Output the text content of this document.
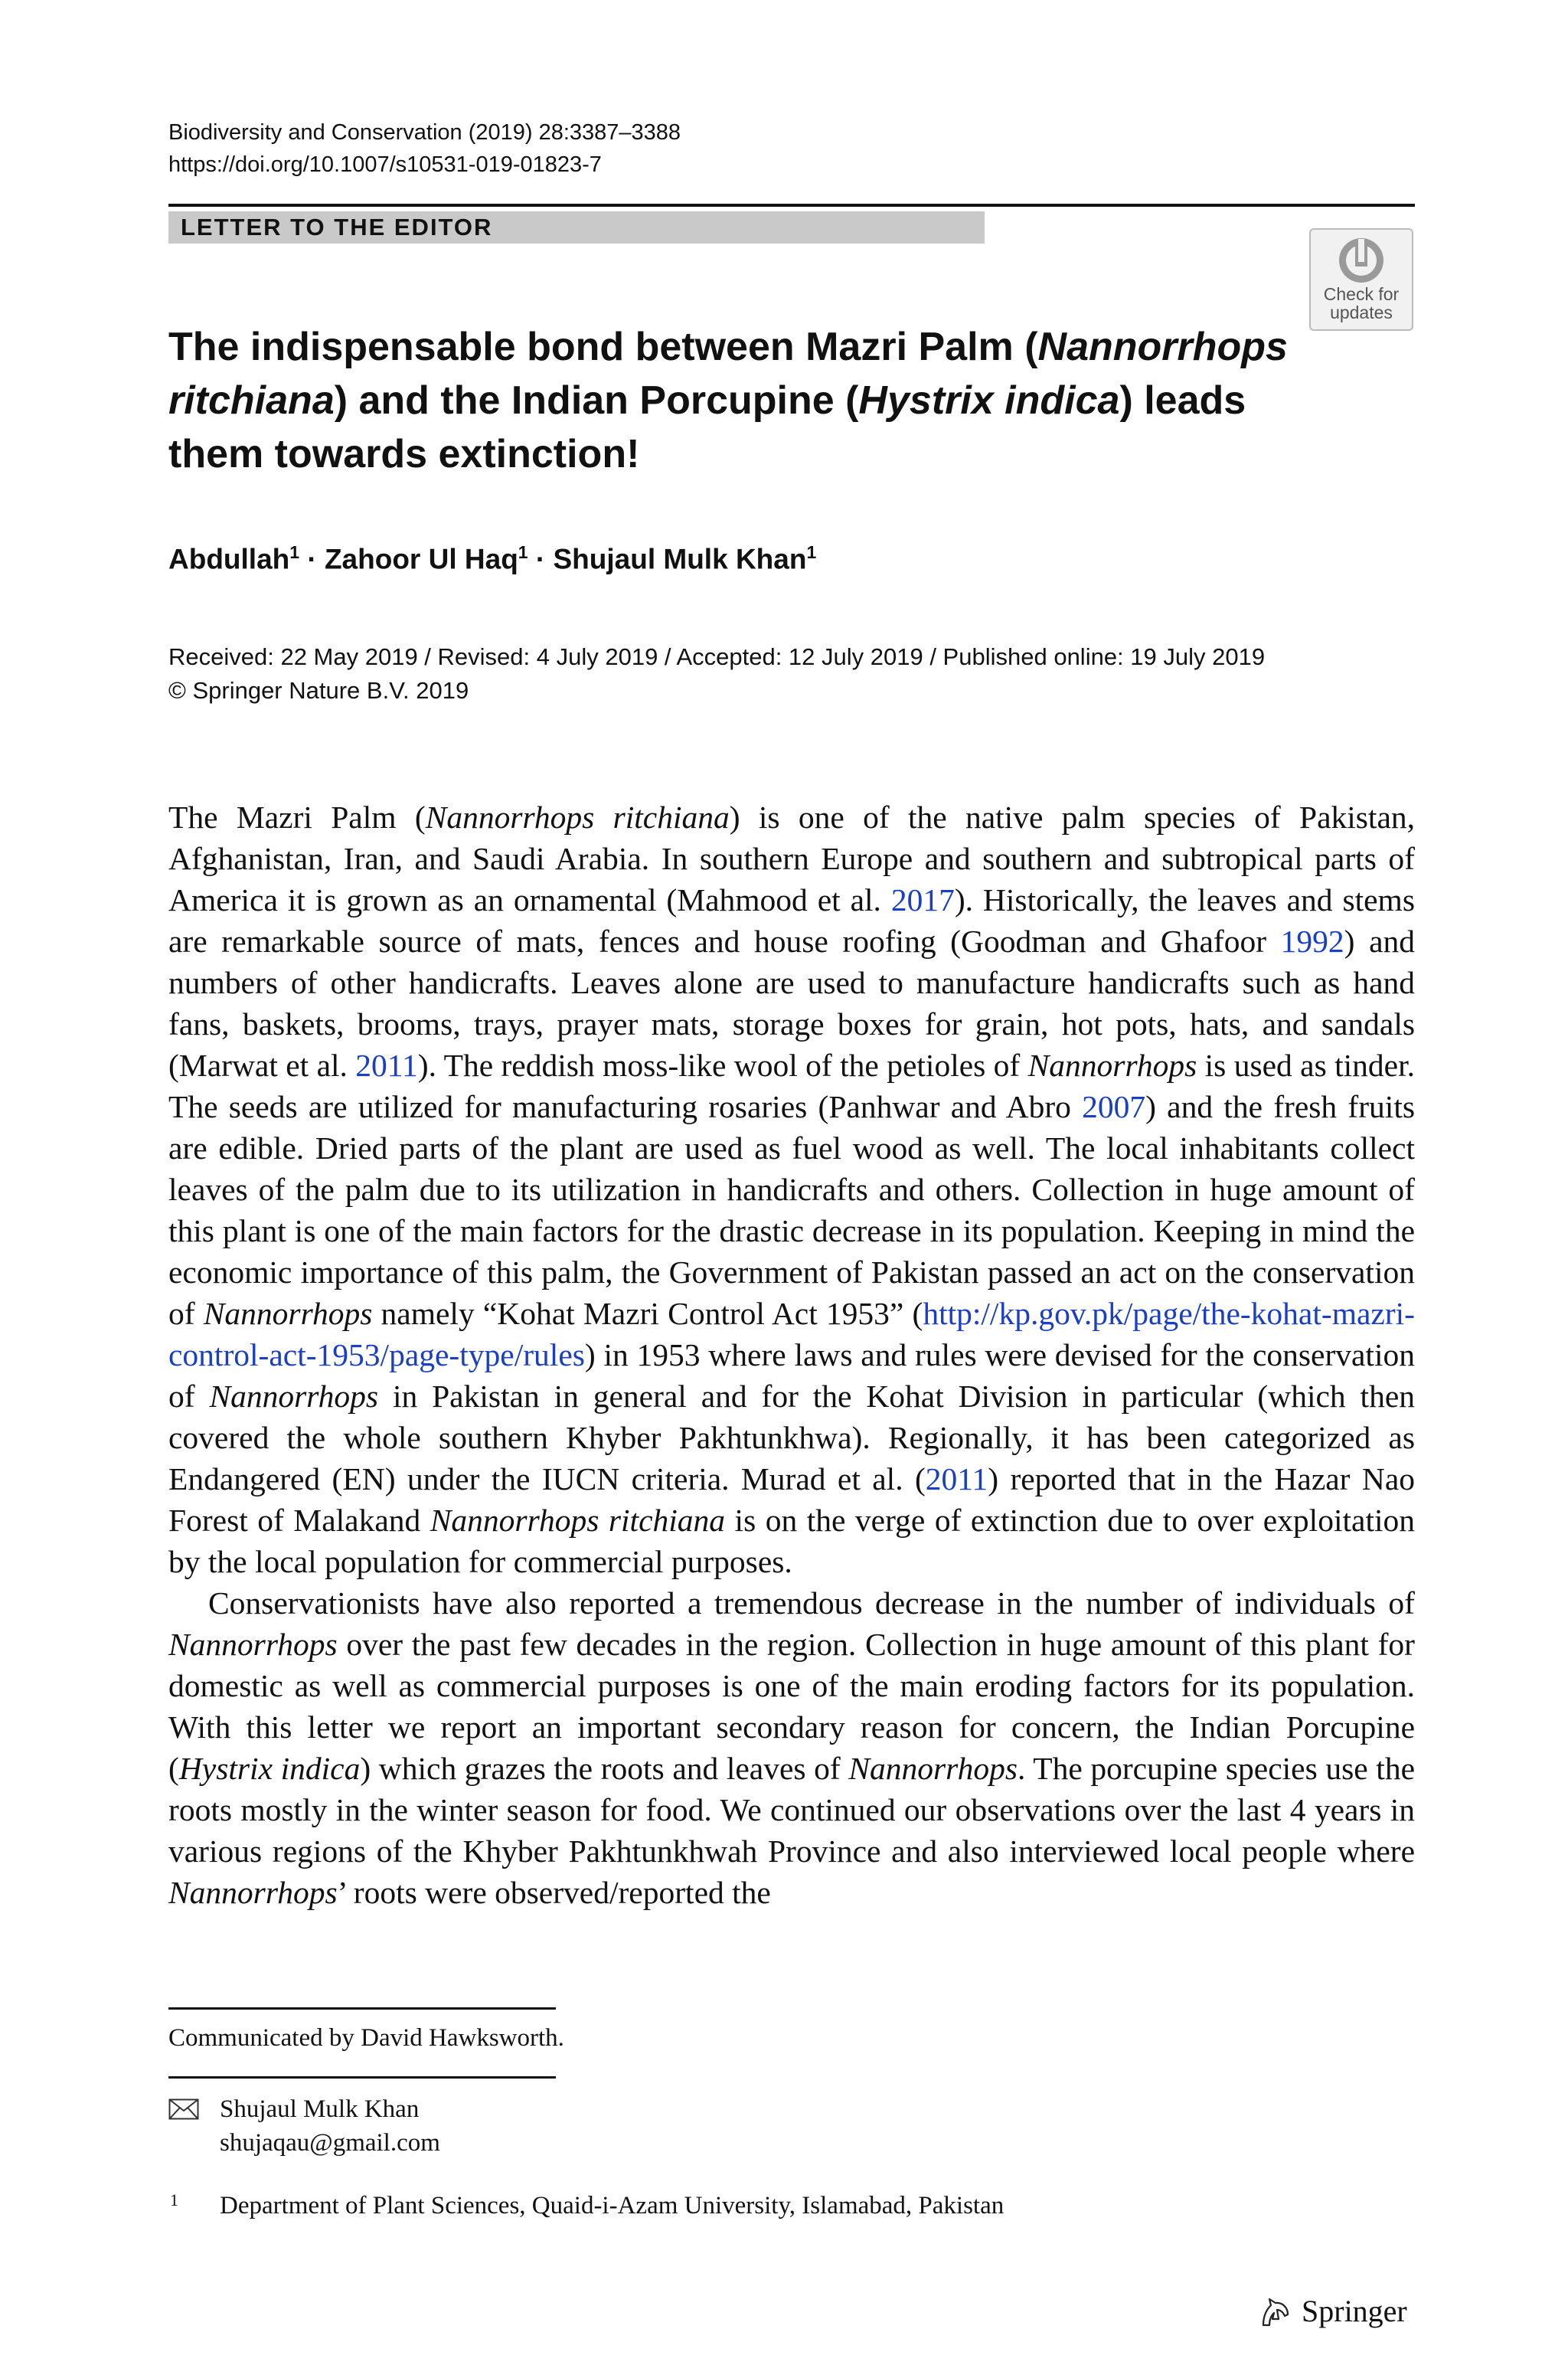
Biodiversity and Conservation (2019) 28:3387–3388
https://doi.org/10.1007/s10531-019-01823-7
LETTER TO THE EDITOR
Check for
updates
The indispensable bond between Mazri Palm (Nannorrhops ritchiana) and the Indian Porcupine (Hystrix indica) leads them towards extinction!
Abdullah$^1$ · Zahoor Ul Haq$^1$ · Shujaul Mulk Khan$^1$
Received: 22 May 2019 / Revised: 4 July 2019 / Accepted: 12 July 2019 / Published online: 19 July 2019
© Springer Nature B.V. 2019

The Mazri Palm (Nannorrhops ritchiana) is one of the native palm species of Pakistan, Afghanistan, Iran, and Saudi Arabia. In southern Europe and southern and subtropical parts of America it is grown as an ornamental (Mahmood et al. 2017). Historically, the leaves and stems are remarkable source of mats, fences and house roofing (Goodman and Ghafoor 1992) and numbers of other handicrafts. Leaves alone are used to manufacture handicrafts such as hand fans, baskets, brooms, trays, prayer mats, storage boxes for grain, hot pots, hats, and sandals (Marwat et al. 2011). The reddish moss-like wool of the petioles of Nannorrhops is used as tinder. The seeds are utilized for manufacturing rosaries (Panhwar and Abro 2007) and the fresh fruits are edible. Dried parts of the plant are used as fuel wood as well. The local inhabitants collect leaves of the palm due to its utilization in handicrafts and others. Collection in huge amount of this plant is one of the main factors for the drastic decrease in its population. Keeping in mind the economic importance of this palm, the Government of Pakistan passed an act on the conservation of Nannorrhops namely “Kohat Mazri Control Act 1953” (http://kp.gov.pk/page/the-kohat-mazri-control-act-1953/page-type/rules) in 1953 where laws and rules were devised for the conservation of Nannorrhops in Pakistan in general and for the Kohat Division in particular (which then covered the whole southern Khyber Pakhtunkhwa). Regionally, it has been categorized as Endangered (EN) under the IUCN criteria. Murad et al. (2011) reported that in the Hazar Nao Forest of Malakand Nannorrhops ritchiana is on the verge of extinction due to over exploitation by the local population for commercial purposes.

Conservationists have also reported a tremendous decrease in the number of individuals of Nannorrhops over the past few decades in the region. Collection in huge amount of this plant for domestic as well as commercial purposes is one of the main eroding factors for its population. With this letter we report an important secondary reason for concern, the Indian Porcupine (Hystrix indica) which grazes the roots and leaves of Nannorrhops. The porcupine species use the roots mostly in the winter season for food. We continued our observations over the last 4 years in various regions of the Khyber Pakhtunkhwah Province and also interviewed local people where Nannorrhops’ roots were observed/reported the

Communicated by David Hawksworth.
Shujaul Mulk Khan
shujaqau@gmail.com
1 Department of Plant Sciences, Quaid-i-Azam University, Islamabad, Pakistan
Springer
